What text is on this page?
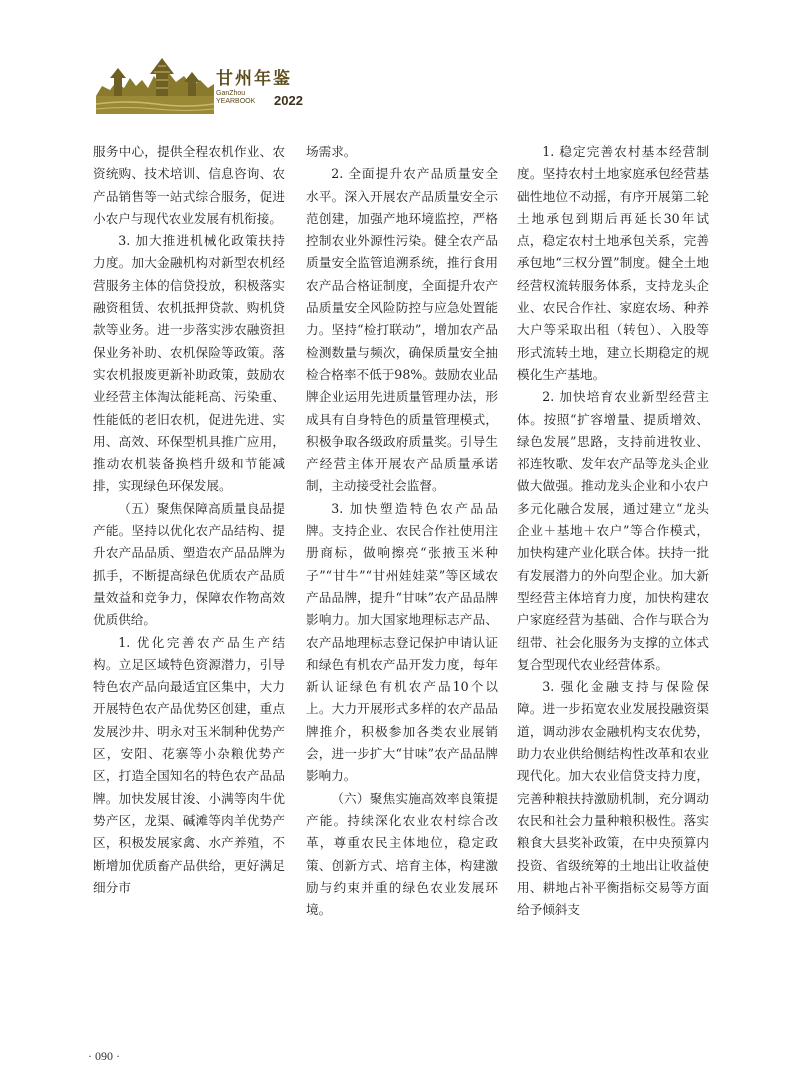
甘州年鉴
GanZhou
YEARBOOK 2022

服务中心，提供全程农机作业、农资统购、技术培训、信息咨询、农产品销售等一站式综合服务，促进小农户与现代农业发展有机衔接。

3. 加大推进机械化政策扶持力度。加大金融机构对新型农机经营服务主体的信贷投放，积极落实融资租赁、农机抵押贷款、购机贷款等业务。进一步落实涉农融资担保业务补助、农机保险等政策。落实农机报废更新补助政策，鼓励农业经营主体淘汰能耗高、污染重、性能低的老旧农机，促进先进、实用、高效、环保型机具推广应用，推动农机装备换档升级和节能减排，实现绿色环保发展。

（五）聚焦保障高质量良品提产能。坚持以优化农产品结构、提升农产品品质、塑造农产品品牌为抓手，不断提高绿色优质农产品质量效益和竞争力，保障农作物高效优质供给。

1. 优化完善农产品生产结构。立足区域特色资源潜力，引导特色农产品向最适宜区集中，大力开展特色农产品优势区创建，重点发展沙井、明永对玉米制种优势产区，安阳、花寨等小杂粮优势产区，打造全国知名的特色农产品品牌。加快发展甘浚、小满等肉牛优势产区，龙渠、碱滩等肉羊优势产区，积极发展家禽、水产养殖，不断增加优质畜产品供给，更好满足细分市

场需求。

2. 全面提升农产品质量安全水平。深入开展农产品质量安全示范创建，加强产地环境监控，严格控制农业外源性污染。健全农产品质量安全监管追溯系统，推行食用农产品合格证制度，全面提升农产品质量安全风险防控与应急处置能力。坚持“检打联动”，增加农产品检测数量与频次，确保质量安全抽检合格率不低于98%。鼓励农业品牌企业运用先进质量管理办法，形成具有自身特色的质量管理模式，积极争取各级政府质量奖。引导生产经营主体开展农产品质量承诺制，主动接受社会监督。

3. 加快塑造特色农产品品牌。支持企业、农民合作社使用注册商标，做响擦亮“张掖玉米种子”“甘牛”“甘州娃娃菜”等区域农产品品牌，提升“甘味”农产品品牌影响力。加大国家地理标志产品、农产品地理标志登记保护申请认证和绿色有机农产品开发力度，每年新认证绿色有机农产品10个以上。大力开展形式多样的农产品品牌推介，积极参加各类农业展销会，进一步扩大“甘味”农产品品牌影响力。

（六）聚焦实施高效率良策提产能。持续深化农业农村综合改革，尊重农民主体地位，稳定政策、创新方式、培育主体，构建激励与约束并重的绿色农业发展环境。

1. 稳定完善农村基本经营制度。坚持农村土地家庭承包经营基础性地位不动摇，有序开展第二轮土地承包到期后再延长30年试点，稳定农村土地承包关系，完善承包地“三权分置”制度。健全土地经营权流转服务体系，支持龙头企业、农民合作社、家庭农场、种养大户等采取出租（转包）、入股等形式流转土地，建立长期稳定的规模化生产基地。

2. 加快培育农业新型经营主体。按照“扩容增量、提质增效、绿色发展”思路，支持前进牧业、祁连牧歌、发年农产品等龙头企业做大做强。推动龙头企业和小农户多元化融合发展，通过建立“龙头企业＋基地＋农户”等合作模式，加快构建产业化联合体。扶持一批有发展潜力的外向型企业。加大新型经营主体培育力度，加快构建农户家庭经营为基础、合作与联合为纽带、社会化服务为支撑的立体式复合型现代农业经营体系。

3. 强化金融支持与保险保障。进一步拓宽农业发展投融资渠道，调动涉农金融机构支农优势，助力农业供给侧结构性改革和农业现代化。加大农业信贷支持力度，完善种粮扶持激励机制，充分调动农民和社会力量种粮积极性。落实粮食大县奖补政策，在中央预算内投资、省级统筹的土地出让收益使用、耕地占补平衡指标交易等方面给予倾斜支

· 090 ·
